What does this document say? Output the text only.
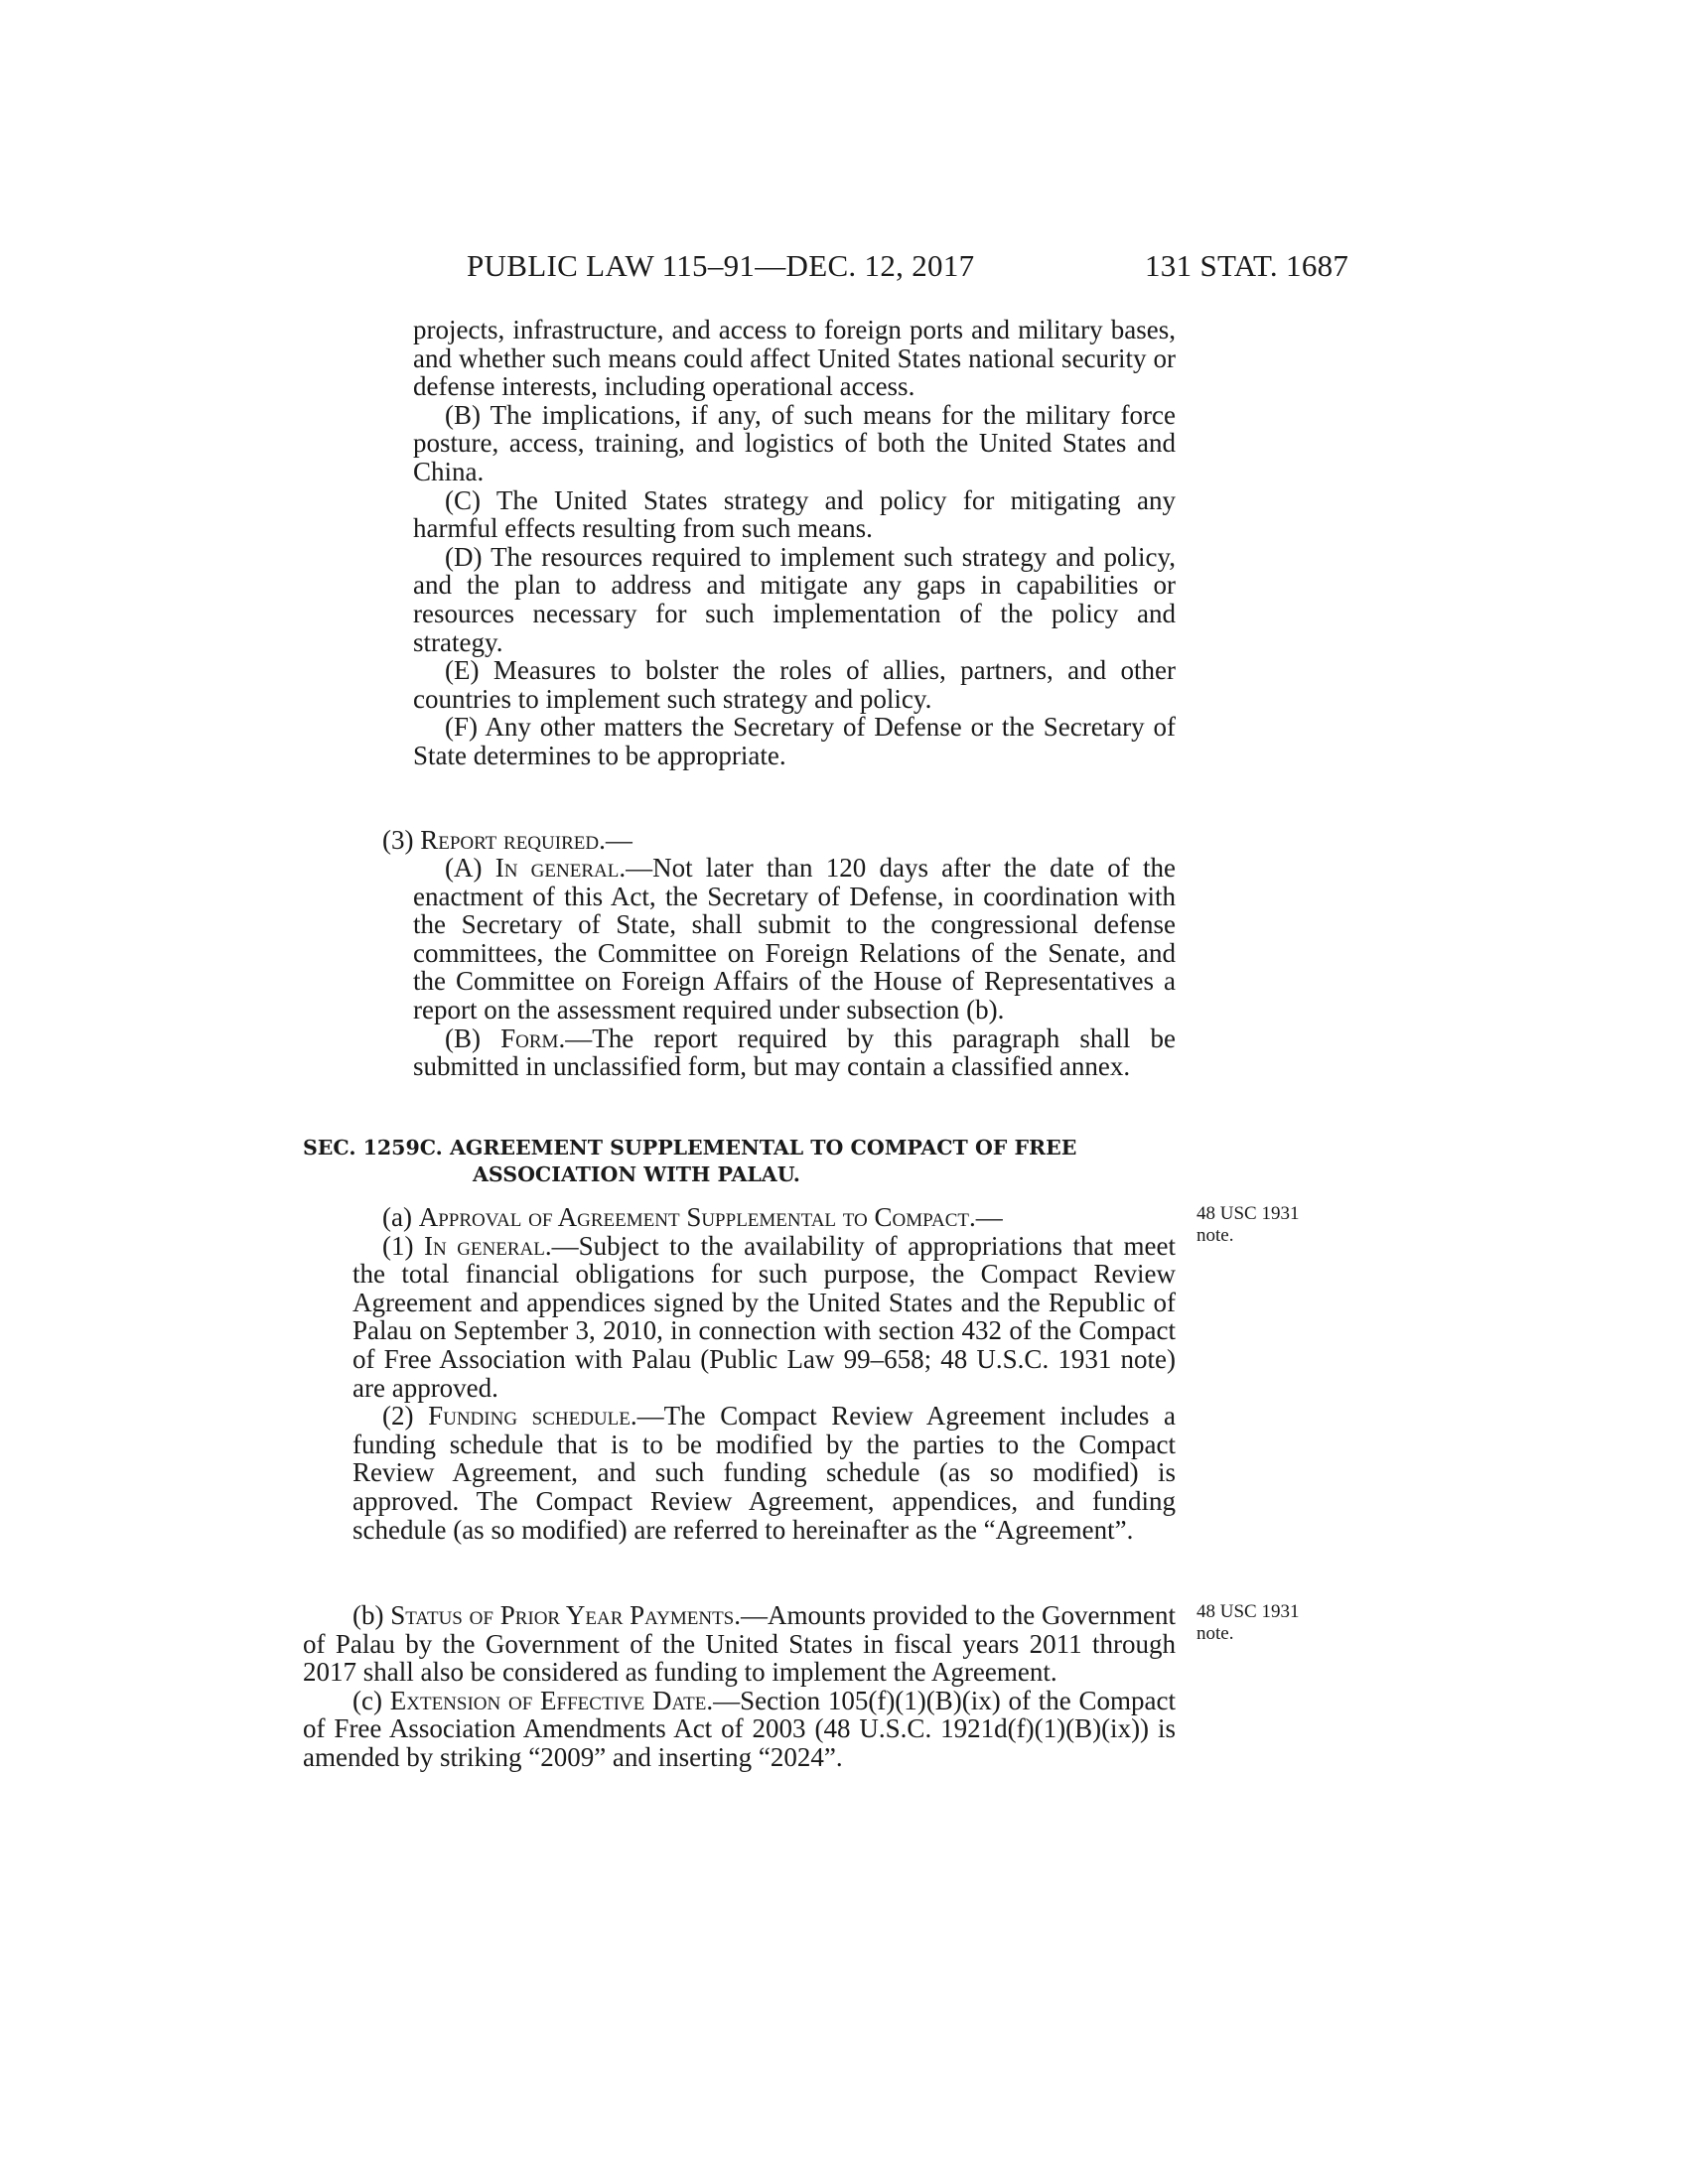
PUBLIC LAW 115–91—DEC. 12, 2017	131 STAT. 1687

projects, infrastructure, and access to foreign ports and military bases, and whether such means could affect United States national security or defense interests, including operational access.

(B) The implications, if any, of such means for the military force posture, access, training, and logistics of both the United States and China.

(C) The United States strategy and policy for mitigating any harmful effects resulting from such means.

(D) The resources required to implement such strategy and policy, and the plan to address and mitigate any gaps in capabilities or resources necessary for such implementation of the policy and strategy.

(E) Measures to bolster the roles of allies, partners, and other countries to implement such strategy and policy.

(F) Any other matters the Secretary of Defense or the Secretary of State determines to be appropriate.

(3) Report required.—

(A) In general.—Not later than 120 days after the date of the enactment of this Act, the Secretary of Defense, in coordination with the Secretary of State, shall submit to the congressional defense committees, the Committee on Foreign Relations of the Senate, and the Committee on Foreign Affairs of the House of Representatives a report on the assessment required under subsection (b).

(B) Form.—The report required by this paragraph shall be submitted in unclassified form, but may contain a classified annex.

SEC. 1259C. AGREEMENT SUPPLEMENTAL TO COMPACT OF FREE
ASSOCIATION WITH PALAU.

(a) Approval of Agreement Supplemental to Compact.—

(1) In general.—Subject to the availability of appropriations that meet the total financial obligations for such purpose, the Compact Review Agreement and appendices signed by the United States and the Republic of Palau on September 3, 2010, in connection with section 432 of the Compact of Free Association with Palau (Public Law 99–658; 48 U.S.C. 1931 note) are approved.

(2) Funding schedule.—The Compact Review Agreement includes a funding schedule that is to be modified by the parties to the Compact Review Agreement, and such funding schedule (as so modified) is approved. The Compact Review Agreement, appendices, and funding schedule (as so modified) are referred to hereinafter as the “Agreement”.

(b) Status of Prior Year Payments.—Amounts provided to the Government of Palau by the Government of the United States in fiscal years 2011 through 2017 shall also be considered as funding to implement the Agreement.

(c) Extension of Effective Date.—Section 105(f)(1)(B)(ix) of the Compact of Free Association Amendments Act of 2003 (48 U.S.C. 1921d(f)(1)(B)(ix)) is amended by striking “2009” and inserting “2024”.

48 USC 1931
note.
48 USC 1931
note.
